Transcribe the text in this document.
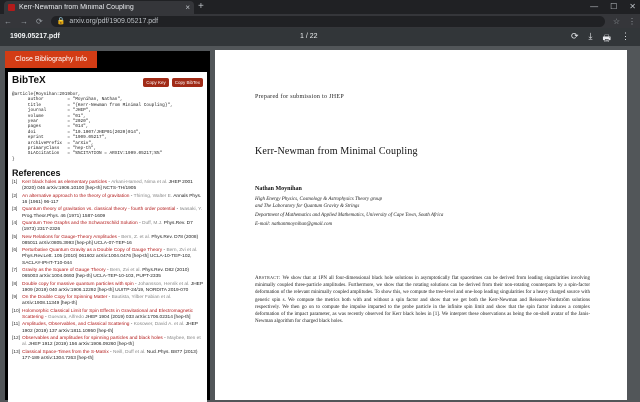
Kerr-Newman from Minimal Coupling	× +	— ☐ ✕
← → ⟳ 🔒 arxiv.org/pdf/1909.05217.pdf	☆ ⋮
1909.05217.pdf	1 / 22	⟳ ⤓ 🖶 ⋮
Prepared for submission to JHEP
Kerr-Newman from Minimal Coupling
Nathan Moynihan

High Energy Physics, Cosmology & Astrophysics Theory group
and The Laboratory for Quantum Gravity & Strings

Department of Mathematics and Applied Mathematics, University of Cape Town, South Africa

E-mail: nathantmoynihan@gmail.com

Abstract: We show that at 1PN all four-dimensional black hole solutions in asymptotically flat spacetimes can be derived from leading singularities involving minimally coupled three-particle amplitudes. Furthermore, we show that the rotating solutions can be derived from their non-rotating counterparts by a spin-factor deformation of the relevant minimally coupled amplitudes. To show this, we compute the tree-level and one-loop leading singularities for a heavy charged source with generic spin s. We compute the metrics both with and without a spin factor and show that we get both the Kerr-Newman and Reissner-Nordström solutions respectively. We then go on to compute the impulse imparted to the probe particle in the infinite spin limit and show that the spin factor induces a complex deformation of the impact parameter, as was recently observed for Kerr black holes in [1]. We interpret these observations as being the on-shell avatar of the Janis-Newman algorithm for charged black holes.
Close Bibliography Info
BibTeX	Copy Key	Copy BibTex
@article{Moynihan:2019bor,
author         = "Moynihan, Nathan",
title          = "{Kerr-Newman from Minimal Coupling}",
journal        = "JHEP",
volume         = "01",
year           = "2020",
pages          = "014",
doi            = "10.1007/JHEP01(2020)014",
eprint         = "1909.05217",
archivePrefix  = "arXiv",
primaryClass   = "hep-th",
SLACcitation   = "%%CITATION = ARXIV:1909.05217;%%"
}
References
[1] Kerr black holes as elementary particles - Arkani-Hamed, Nima et al. JHEP 2001 (2020) 046 arXiv:1906.10100 [hep-th] NCTS-TH/1905
[2] An alternative approach to the theory of gravitation - Thirring, Walter E. Annals Phys. 16 (1961) 96-117
[3] Quantum theory of gravitation vs. classical theory - fourth order potential - Iwasaki, Y. Prog.Theor.Phys. 46 (1971) 1587-1609
[4] Quantum Tree Graphs and the Schwarzschild Solution - Duff, M.J. Phys.Rev. D7 (1973) 2317-2326
[5] New Relations for Gauge-Theory Amplitudes - Bern, Z. et al. Phys.Rev. D78 (2008) 085011 arXiv:0805.3993 [hep-ph] UCLA-07-TEP-16
[6] Perturbative Quantum Gravity as a Double Copy of Gauge Theory - Bern, Zvi et al. Phys.Rev.Lett. 105 (2010) 061602 arXiv:1004.0476 [hep-th] UCLA-10-TEP-102, SACLAY-IPHT-T10-044
[7] Gravity as the Square of Gauge Theory - Bern, Zvi et al. Phys.Rev. D82 (2010) 065003 arXiv:1004.0693 [hep-th] UCLA-TEP-10-103, PUPT-2335
[8] Double copy for massive quantum particles with spin - Johansson, Henrik et al. JHEP 1909 (2019) 040 arXiv:1906.12292 [hep-th] UUITP-24/19, NORDITA 2019-070
[9] On the Double Copy for Spinning Matter - Bautista, Yilber Fabian et al. arXiv:1908.11349 [hep-th]
[10] Holomorphic Classical Limit for Spin Effects in Gravitational and Electromagnetic Scattering - Guevara, Alfredo JHEP 1904 (2019) 033 arXiv:1706.02314 [hep-th]
[11] Amplitudes, Observables, and Classical Scattering - Kosower, David A. et al. JHEP 1902 (2019) 137 arXiv:1811.10950 [hep-th]
[12] Observables and amplitudes for spinning particles and black holes - Maybee, Ben et al. JHEP 1912 (2019) 156 arXiv:1906.09260 [hep-th]
[13] Classical Space-Times from the S-Matrix - Neill, Duff et al. Nucl.Phys. B877 (2013) 177-189 arXiv:1304.7263 [hep-th]
